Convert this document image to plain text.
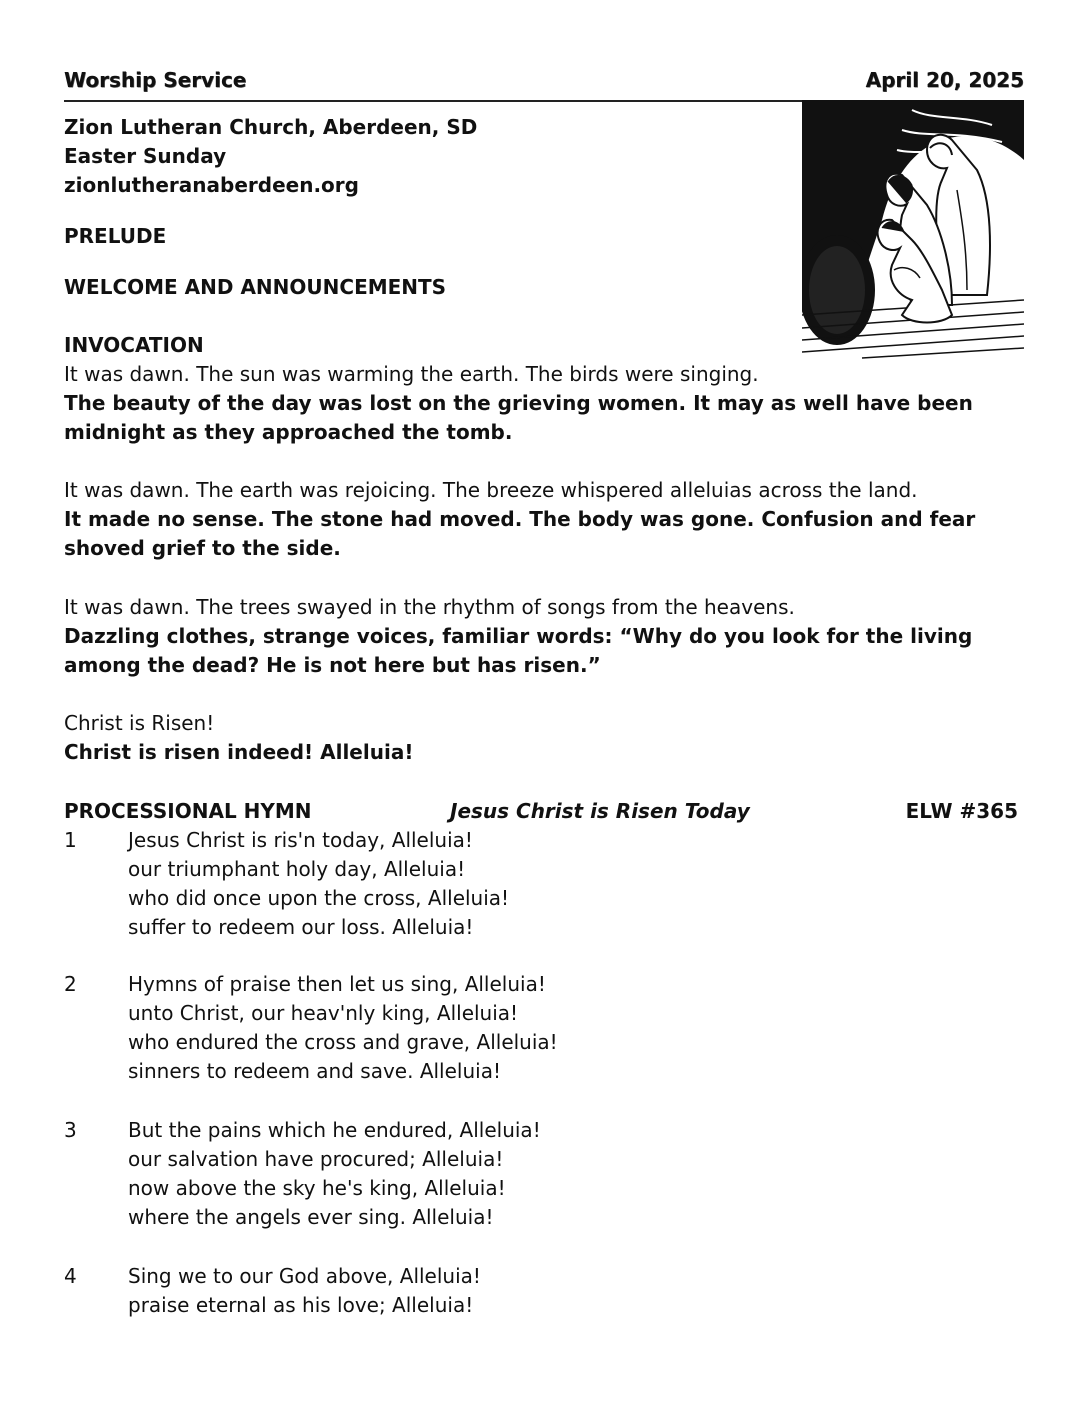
Worship Service	April 20, 2025
Zion Lutheran Church, Aberdeen, SD
Easter Sunday
zionlutheranaberdeen.org
PRELUDE
WELCOME AND ANNOUNCEMENTS
INVOCATION
It was dawn. The sun was warming the earth. The birds were singing.
The beauty of the day was lost on the grieving women. It may as well have been midnight as they approached the tomb.
It was dawn. The earth was rejoicing. The breeze whispered alleluias across the land.
It made no sense. The stone had moved. The body was gone. Confusion and fear shoved grief to the side.
It was dawn. The trees swayed in the rhythm of songs from the heavens.
Dazzling clothes, strange voices, familiar words: “Why do you look for the living among the dead? He is not here but has risen.”
Christ is Risen!
Christ is risen indeed! Alleluia!
PROCESSIONAL HYMN	Jesus Christ is Risen Today	ELW #365
1	Jesus Christ is ris'n today, Alleluia!
our triumphant holy day, Alleluia!
who did once upon the cross, Alleluia!
suffer to redeem our loss. Alleluia!
2	Hymns of praise then let us sing, Alleluia!
unto Christ, our heav'nly king, Alleluia!
who endured the cross and grave, Alleluia!
sinners to redeem and save. Alleluia!
3	But the pains which he endured, Alleluia!
our salvation have procured; Alleluia!
now above the sky he's king, Alleluia!
where the angels ever sing. Alleluia!
4	Sing we to our God above, Alleluia!
praise eternal as his love; Alleluia!
